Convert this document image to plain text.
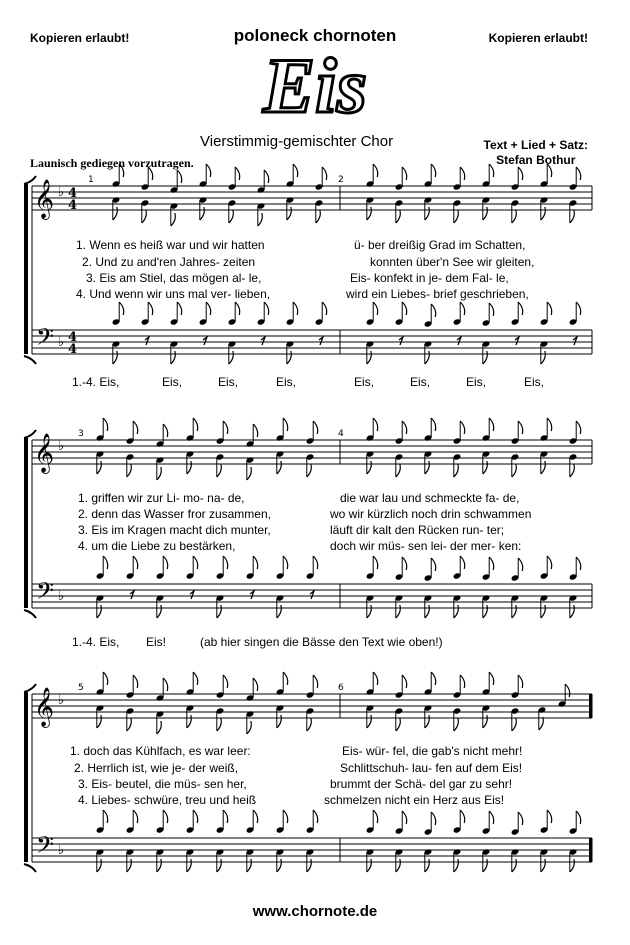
Kopieren erlaubt!	poloneck chornoten	Kopieren erlaubt!
Eis
Vierstimmig-gemischter Chor	Text + Lied + Satz:
Stefan Bothur
Launisch gediegen vorzutragen.
𝄞
𝄢
♭
♭
4
4
4
4
1	2
𝄞
𝄢
♭
♭
3	4
𝄞
𝄢
♭
♭
5	6
1. Wenn es heiß war und wir hatten	ü- ber dreißig Grad im Schatten,
2. Und zu and'ren Jahres- zeiten	konnten über'n See wir gleiten,
3. Eis am Stiel, das mögen al- le,	Eis- konfekt in je- dem Fal- le,
4. Und wenn wir uns mal ver- lieben,	wird ein Liebes- brief geschrieben,
1.-4. Eis,	Eis,	Eis,	Eis,	Eis,	Eis,	Eis,	Eis,
1. griffen wir zur Li- mo- na- de,	die war lau und schmeckte fa- de,
2. denn das Wasser fror zusammen,	wo wir kürzlich noch drin schwammen
3. Eis im Kragen macht dich munter,	läuft dir kalt den Rücken run- ter;
4. um die Liebe zu bestärken,	doch wir müs- sen lei- der mer- ken:
1.-4. Eis, Eis!	(ab hier singen die Bässe den Text wie oben!)
1. doch das Kühlfach, es war leer:	Eis- wür- fel, die gab's nicht mehr!
2. Herrlich ist, wie je- der weiß,	Schlittschuh- lau- fen auf dem Eis!
3. Eis- beutel, die müs- sen her,	brummt der Schä- del gar zu sehr!
4. Liebes- schwüre, treu und heiß	schmelzen nicht ein Herz aus Eis!
www.chornote.de
